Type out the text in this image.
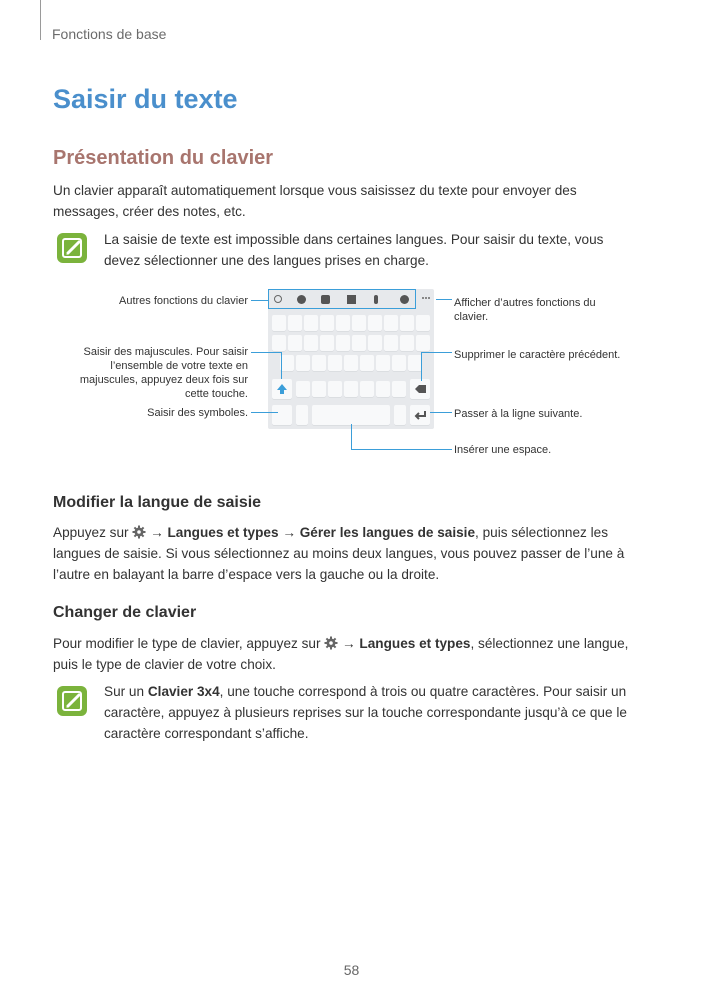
Fonctions de base
Saisir du texte
Présentation du clavier

Un clavier apparaît automatiquement lorsque vous saisissez du texte pour envoyer des messages, créer des notes, etc.

La saisie de texte est impossible dans certaines langues. Pour saisir du texte, vous devez sélectionner une des langues prises en charge.

Autres fonctions du clavier
Saisir des majuscules. Pour saisir l’ensemble de votre texte en majuscules, appuyez deux fois sur cette touche.
Saisir des symboles.
Afficher d’autres fonctions du clavier.
Supprimer le caractère précédent.
Passer à la ligne suivante.
Insérer une espace.
Modifier la langue de saisie

Appuyez sur → Langues et types → Gérer les langues de saisie, puis sélectionnez les langues de saisie. Si vous sélectionnez au moins deux langues, vous pouvez passer de l’une à l’autre en balayant la barre d’espace vers la gauche ou la droite.

Changer de clavier

Pour modifier le type de clavier, appuyez sur → Langues et types, sélectionnez une langue, puis le type de clavier de votre choix.

Sur un Clavier 3x4, une touche correspond à trois ou quatre caractères. Pour saisir un caractère, appuyez à plusieurs reprises sur la touche correspondante jusqu’à ce que le caractère correspondant s’affiche.

58
